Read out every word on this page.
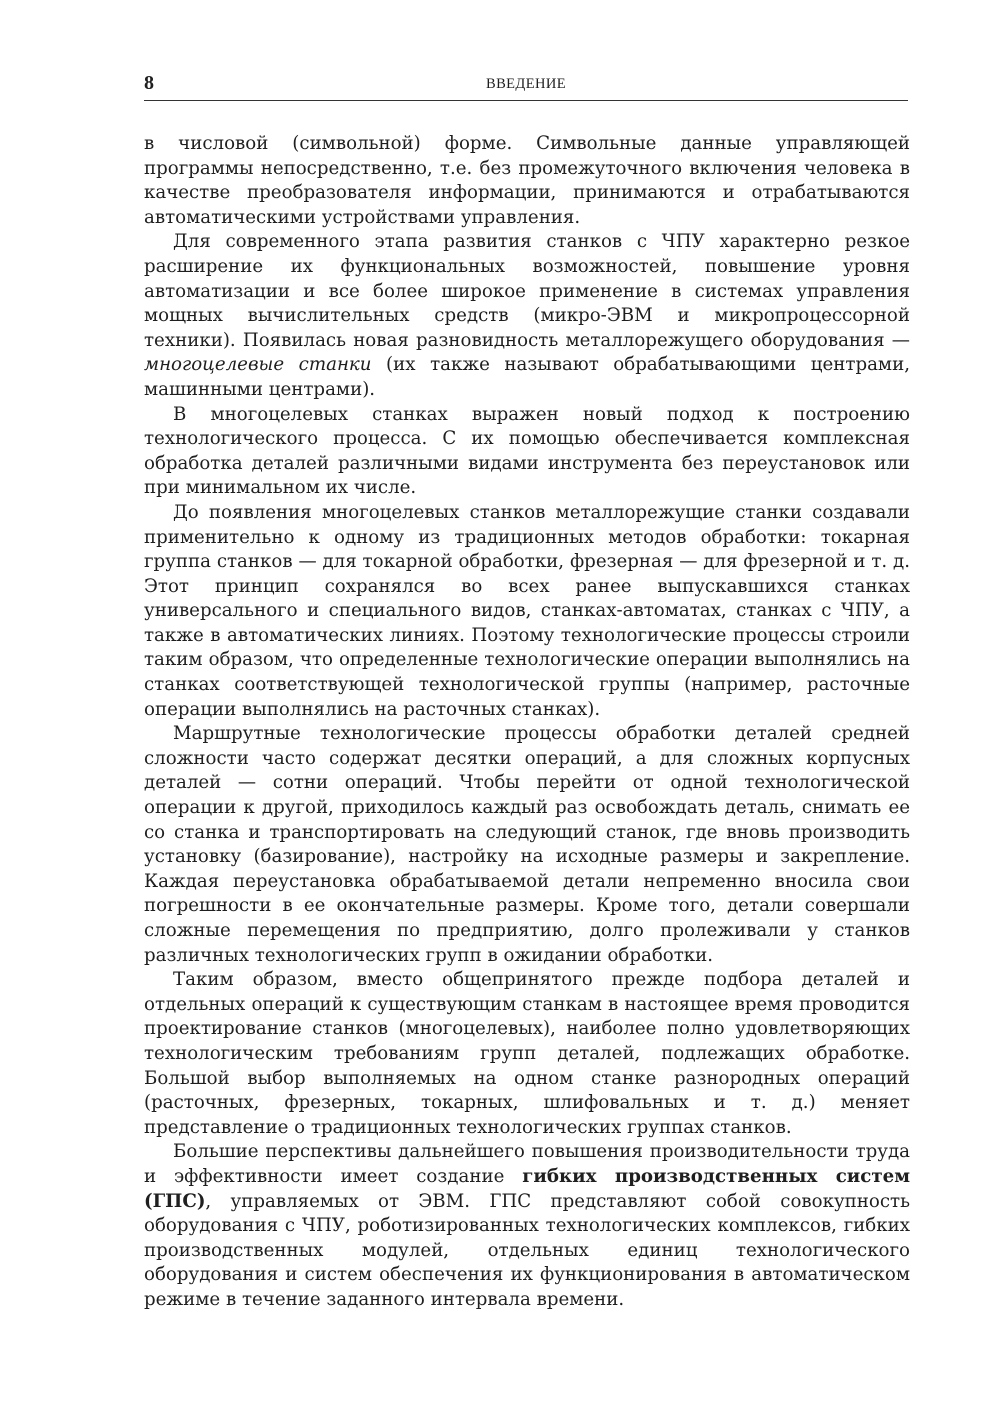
8	ВВЕДЕНИЕ

в числовой (символьной) форме. Символьные данные управляющей программы непосредственно, т.е. без промежуточного включения человека в качестве преобразователя информации, принимаются и отрабатываются автоматическими устройствами управления.

Для современного этапа развития станков с ЧПУ характерно резкое расширение их функциональных возможностей, повышение уровня автоматизации и все более широкое применение в системах управления мощных вычислительных средств (микро-ЭВМ и микропроцессорной техники). Появилась новая разновидность металлорежущего оборудования — многоцелевые станки (их также называют обрабатывающими центрами, машинными центрами).

В многоцелевых станках выражен новый подход к построению технологического процесса. С их помощью обеспечивается комплексная обработка деталей различными видами инструмента без переустановок или при минимальном их числе.

До появления многоцелевых станков металлорежущие станки создавали применительно к одному из традиционных методов обработки: токарная группа станков — для токарной обработки, фрезерная — для фрезерной и т. д. Этот принцип сохранялся во всех ранее выпускавшихся станках универсального и специального видов, станках-автоматах, станках с ЧПУ, а также в автоматических линиях. Поэтому технологические процессы строили таким образом, что определенные технологические операции выполнялись на станках соответствующей технологической группы (например, расточные операции выполнялись на расточных станках).

Маршрутные технологические процессы обработки деталей средней сложности часто содержат десятки операций, а для сложных корпусных деталей — сотни операций. Чтобы перейти от одной технологической операции к другой, приходилось каждый раз освобождать деталь, снимать ее со станка и транспортировать на следующий станок, где вновь производить установку (базирование), настройку на исходные размеры и закрепление. Каждая переустановка обрабатываемой детали непременно вносила свои погрешности в ее окончательные размеры. Кроме того, детали совершали сложные перемещения по предприятию, долго пролеживали у станков различных технологических групп в ожидании обработки.

Таким образом, вместо общепринятого прежде подбора деталей и отдельных операций к существующим станкам в настоящее время проводится проектирование станков (многоцелевых), наиболее полно удовлетворяющих технологическим требованиям групп деталей, подлежащих обработке. Большой выбор выполняемых на одном станке разнородных операций (расточных, фрезерных, токарных, шлифовальных и т. д.) меняет представление о традиционных технологических группах станков.

Большие перспективы дальнейшего повышения производительности труда и эффективности имеет создание гибких производственных систем (ГПС), управляемых от ЭВМ. ГПС представляют собой совокупность оборудования с ЧПУ, роботизированных технологических комплексов, гибких производственных модулей, отдельных единиц технологического оборудования и систем обеспечения их функционирования в автоматическом режиме в течение заданного интервала времени.
